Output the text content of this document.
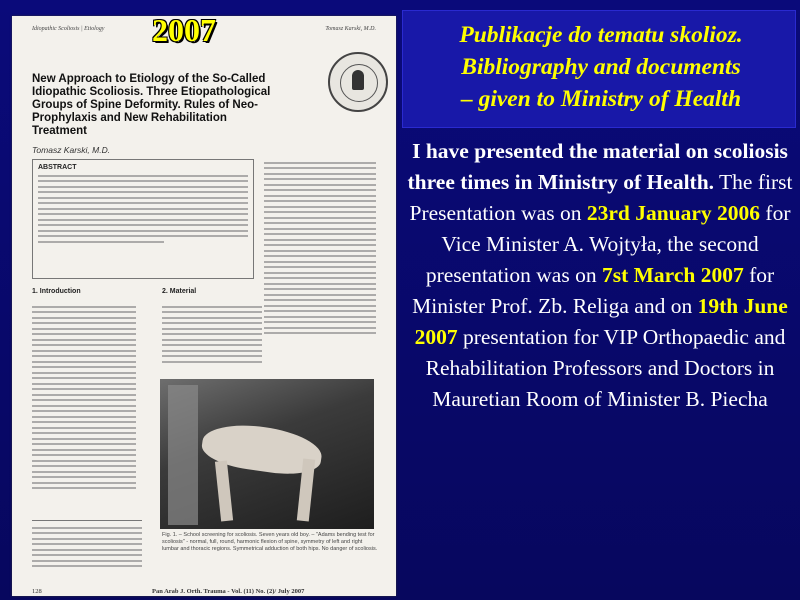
Idiopathic Scoliosis | Etiology	Tomasz Karski, M.D.
New Approach to Etiology of the So-Called Idiopathic Scoliosis. Three Etiopathological Groups of Spine Deformity. Rules of Neo-Prophylaxis and New Rehabilitation Treatment
Tomasz Karski, M.D.
ABSTRACT
1. Introduction	2. Material
Fig. 1. – School screening for scoliosis. Seven years old boy. – "Adams bending test for scoliosis" - normal, full, round, harmonic flexion of spine, symmetry of left and right lumbar and thoracic regions. Symmetrical adduction of both hips. No danger of scoliosis.
128	Pan Arab J. Orth. Trauma - Vol. (11) No. (2)/ July 2007
2007	Publikacje do tematu skolioz.
Bibliography and documents
– given to Ministry of Health

I have presented the material on scoliosis three times in Ministry of Health. The first Presentation was on 23rd January 2006 for Vice Minister A. Wojtyła, the second presentation was on 7st March 2007 for Minister Prof. Zb. Religa and on 19th June 2007 presentation for VIP Orthopaedic and Rehabilitation Professors and Doctors in Mauretian Room of Minister B. Piecha
